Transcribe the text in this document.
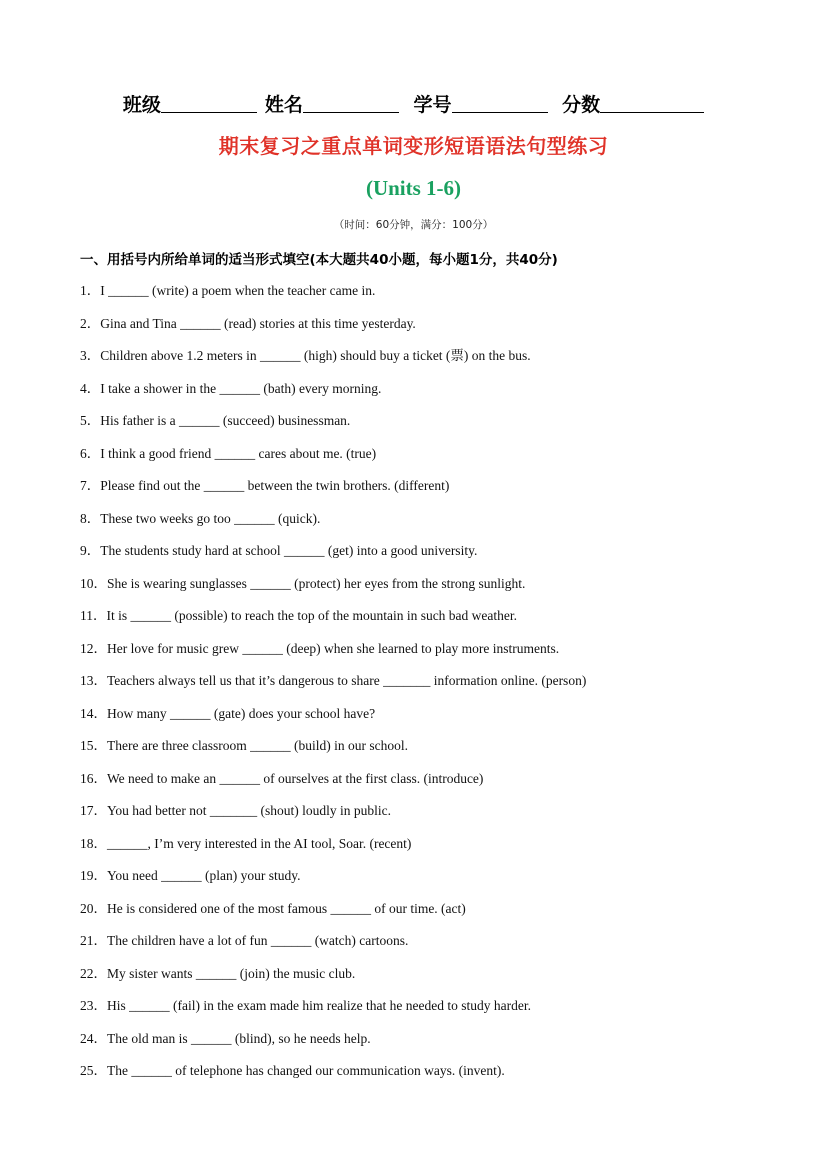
班级	姓名	学号	分数
期末复习之重点单词变形短语语法句型练习
(Units 1-6)
（时间：60分钟，满分：100分）
一、用括号内所给单词的适当形式填空(本大题共40小题，每小题1分，共40分)
1．I ______ (write) a poem when the teacher came in.
2．Gina and Tina ______ (read) stories at this time yesterday.
3．Children above 1.2 meters in ______ (high) should buy a ticket (票) on the bus.
4．I take a shower in the ______ (bath) every morning.
5．His father is a ______ (succeed) businessman.
6．I think a good friend ______ cares about me. (true)
7．Please find out the ______ between the twin brothers. (different)
8．These two weeks go too ______ (quick).
9．The students study hard at school ______ (get) into a good university.
10．She is wearing sunglasses ______ (protect) her eyes from the strong sunlight.
11．It is ______ (possible) to reach the top of the mountain in such bad weather.
12．Her love for music grew ______ (deep) when she learned to play more instruments.
13．Teachers always tell us that it’s dangerous to share _______ information online. (person)
14．How many ______ (gate) does your school have?
15．There are three classroom ______ (build) in our school.
16．We need to make an ______ of ourselves at the first class. (introduce)
17．You had better not _______ (shout) loudly in public.
18．______, I’m very interested in the AI tool, Soar. (recent)
19．You need ______ (plan) your study.
20．He is considered one of the most famous ______ of our time. (act)
21．The children have a lot of fun ______ (watch) cartoons.
22．My sister wants ______ (join) the music club.
23．His ______ (fail) in the exam made him realize that he needed to study harder.
24．The old man is ______ (blind), so he needs help.
25．The ______ of telephone has changed our communication ways. (invent).
